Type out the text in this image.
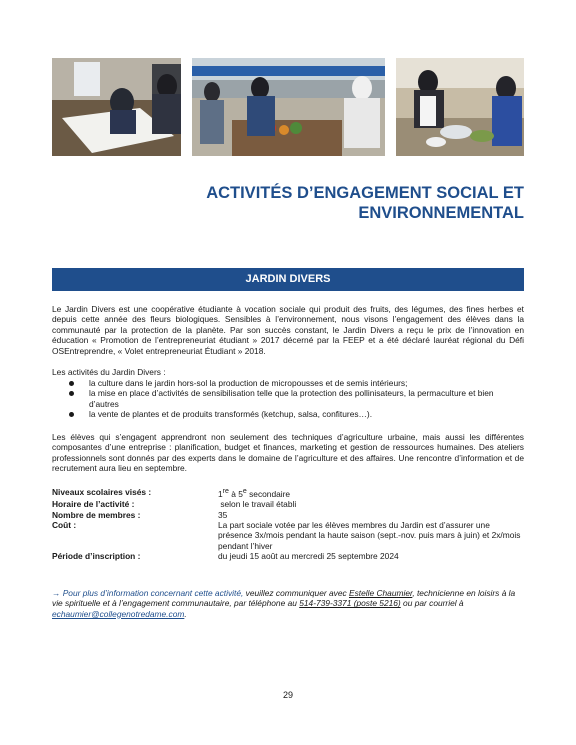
ACTIVITÉS D’ENGAGEMENT SOCIAL ET
ENVIRONNEMENTAL
JARDIN DIVERS

Le Jardin Divers est une coopérative étudiante à vocation sociale qui produit des fruits, des légumes, des fines herbes et depuis cette année des fleurs biologiques. Sensibles à l’environnement, nous visons l’engagement des élèves dans la communauté par la protection de la planète. Par son succès constant, le Jardin Divers a reçu le prix de l’innovation en éducation « Promotion de l’entrepreneuriat étudiant » 2017 décerné par la FEEP et a été déclaré lauréat régional du Défi OSEntreprendre, « Volet entrepreneuriat Étudiant » 2018.

Les activités du Jardin Divers :

la culture dans le jardin hors-sol la production de micropousses et de semis intérieurs;
la mise en place d’activités de sensibilisation telle que la protection des pollinisateurs, la permaculture et bien d’autres
la vente de plantes et de produits transformés (ketchup, salsa, confitures…).

Les élèves qui s’engagent apprendront non seulement des techniques d’agriculture urbaine, mais aussi les différentes composantes d’une entreprise : planification, budget et finances, marketing et gestion de ressources humaines. Des ateliers professionnels sont donnés par des experts dans le domaine de l’agriculture et des affaires. Une rencontre d’information et de recrutement aura lieu en septembre.

Niveaux scolaires visés :	1re à 5e secondaire
Horaire de l’activité :	selon le travail établi
Nombre de membres :	35
Coût :	La part sociale votée par les élèves membres du Jardin est d’assurer une présence 3x/mois pendant la haute saison (sept.-nov. puis mars à juin) et 2x/mois pendant l’hiver
Période d’inscription :	du jeudi 15 août au mercredi 25 septembre 2024

→ Pour plus d’information concernant cette activité, veuillez communiquer avec Estelle Chaumier, technicienne en loisirs à la vie spirituelle et à l’engagement communautaire, par téléphone au 514-739-3371 (poste 5216) ou par courriel à echaumier@collegenotredame.com.

29
